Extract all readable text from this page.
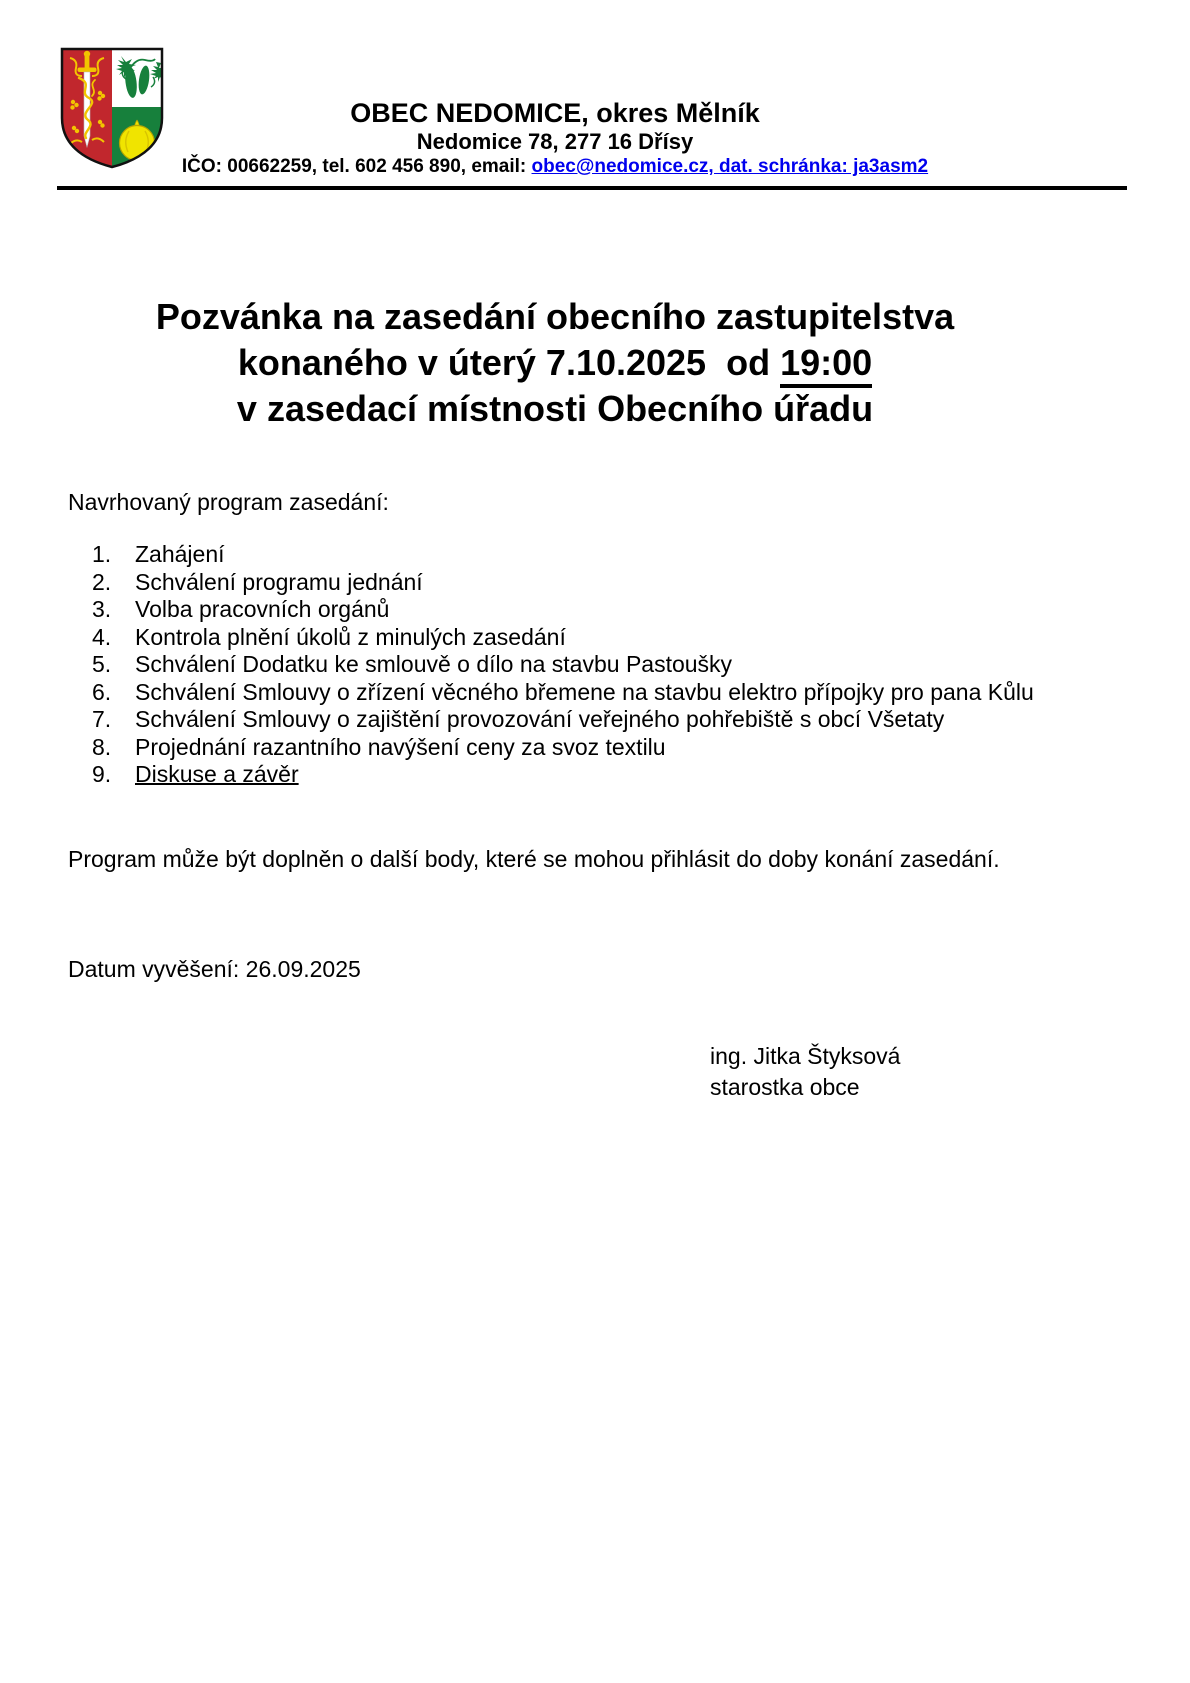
OBEC NEDOMICE, okres Mělník
Nedomice 78, 277 16 Dřísy
IČO: 00662259, tel. 602 456 890, email: obec@nedomice.cz, dat. schránka: ja3asm2
Pozvánka na zasedání obecního zastupitelstva
konaného v úterý 7.10.2025  od 19:00
v zasedací místnosti Obecního úřadu
Navrhovaný program zasedání:
1.	Zahájení
2.	Schválení programu jednání
3.	Volba pracovních orgánů
4.	Kontrola plnění úkolů z minulých zasedání
5.	Schválení Dodatku ke smlouvě o dílo na stavbu Pastoušky
6.	Schválení Smlouvy o zřízení věcného břemene na stavbu elektro přípojky pro pana Kůlu
7.	Schválení Smlouvy o zajištění provozování veřejného pohřebiště s obcí Všetaty
8.	Projednání razantního navýšení ceny za svoz textilu
9.	Diskuse a závěr
Program může být doplněn o další body, které se mohou přihlásit do doby konání zasedání.
Datum vyvěšení: 26.09.2025
ing. Jitka Štyksová
starostka obce
